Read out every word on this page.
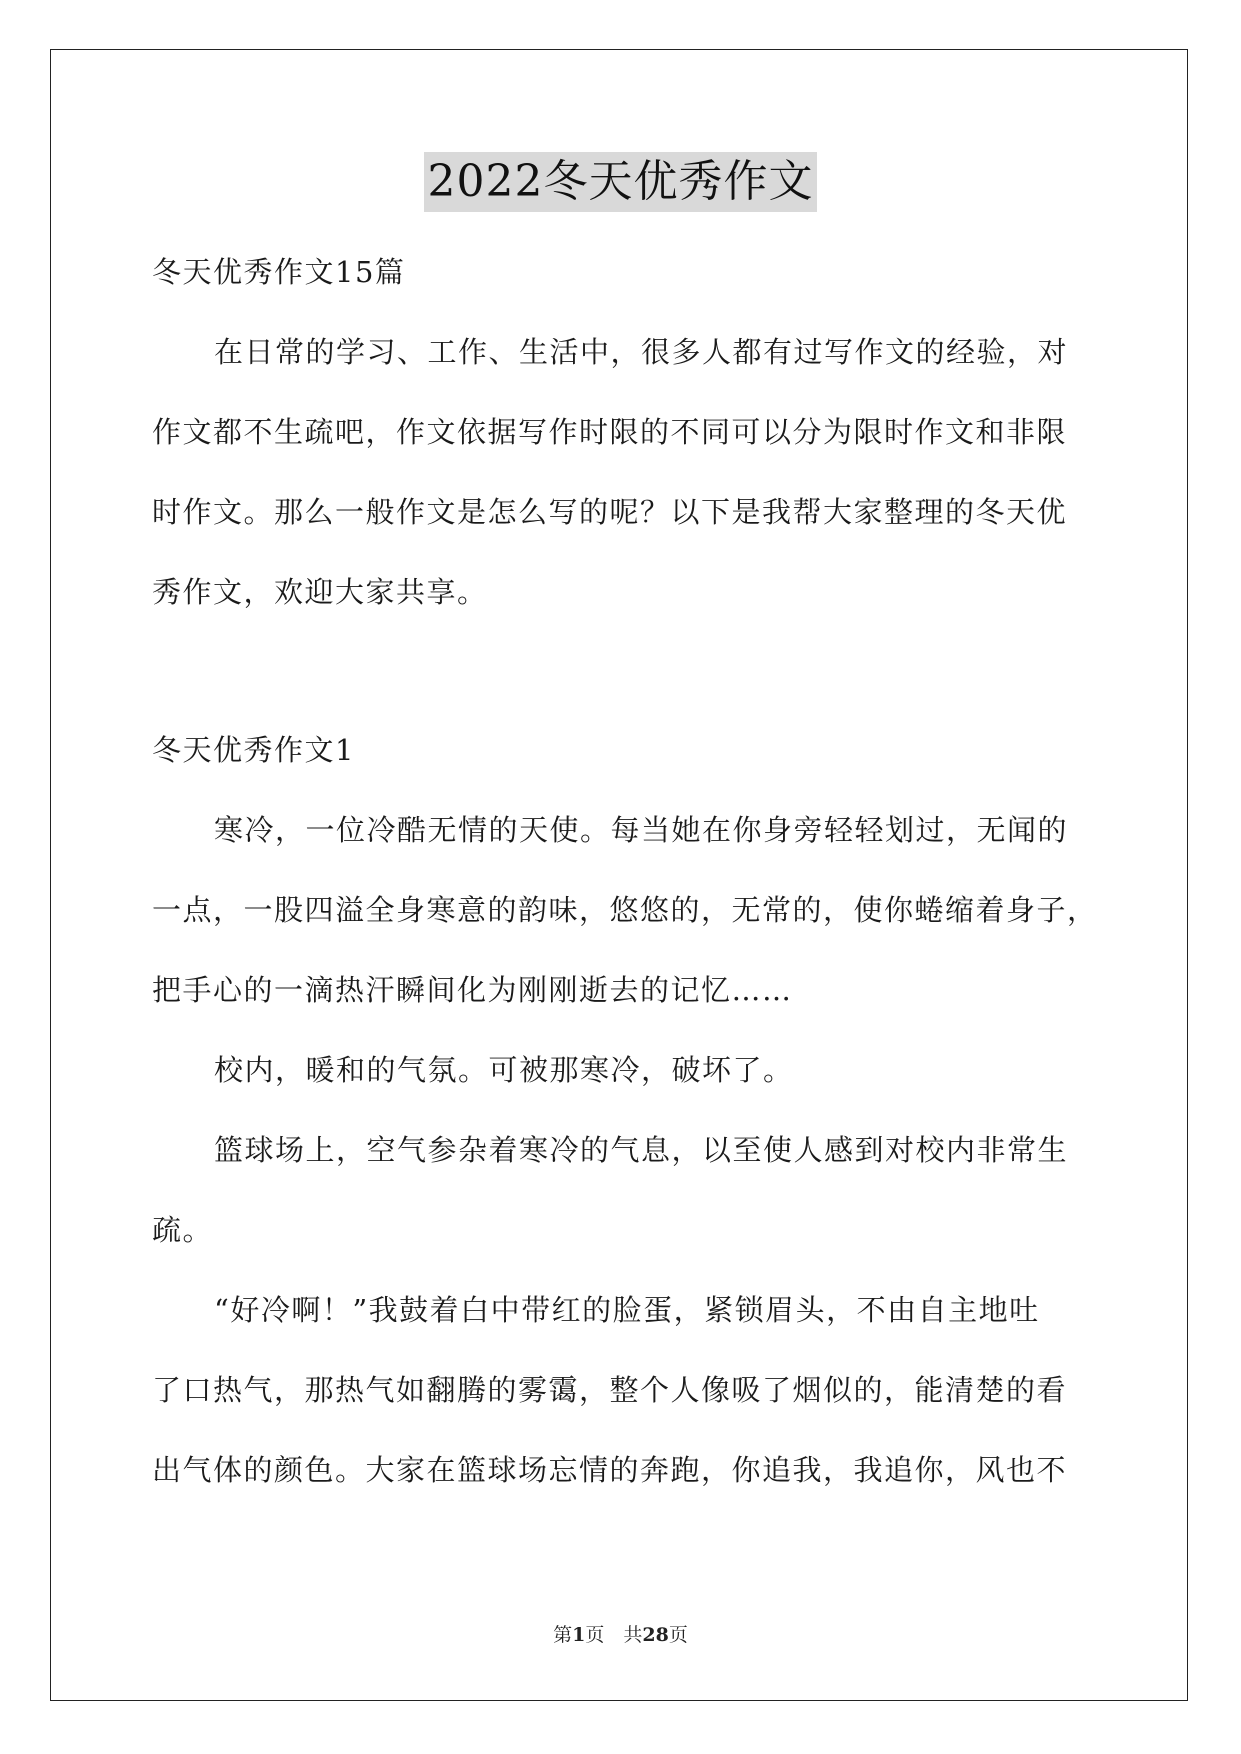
2022冬天优秀作文

冬天优秀作文15篇

在日常的学习、工作、生活中，很多人都有过写作文的经验，对
作文都不生疏吧，作文依据写作时限的不同可以分为限时作文和非限
时作文。那么一般作文是怎么写的呢？以下是我帮大家整理的冬天优
秀作文，欢迎大家共享。

冬天优秀作文1

寒冷，一位冷酷无情的天使。每当她在你身旁轻轻划过，无闻的
一点，一股四溢全身寒意的韵味，悠悠的，无常的，使你蜷缩着身子，
把手心的一滴热汗瞬间化为刚刚逝去的记忆……

校内，暖和的气氛。可被那寒冷，破坏了。

篮球场上，空气参杂着寒冷的气息，以至使人感到对校内非常生
疏。

“好冷啊！”我鼓着白中带红的脸蛋，紧锁眉头，不由自主地吐
了口热气，那热气如翻腾的雾霭，整个人像吸了烟似的，能清楚的看
出气体的颜色。大家在篮球场忘情的奔跑，你追我，我追你，风也不

第1页　共28页
